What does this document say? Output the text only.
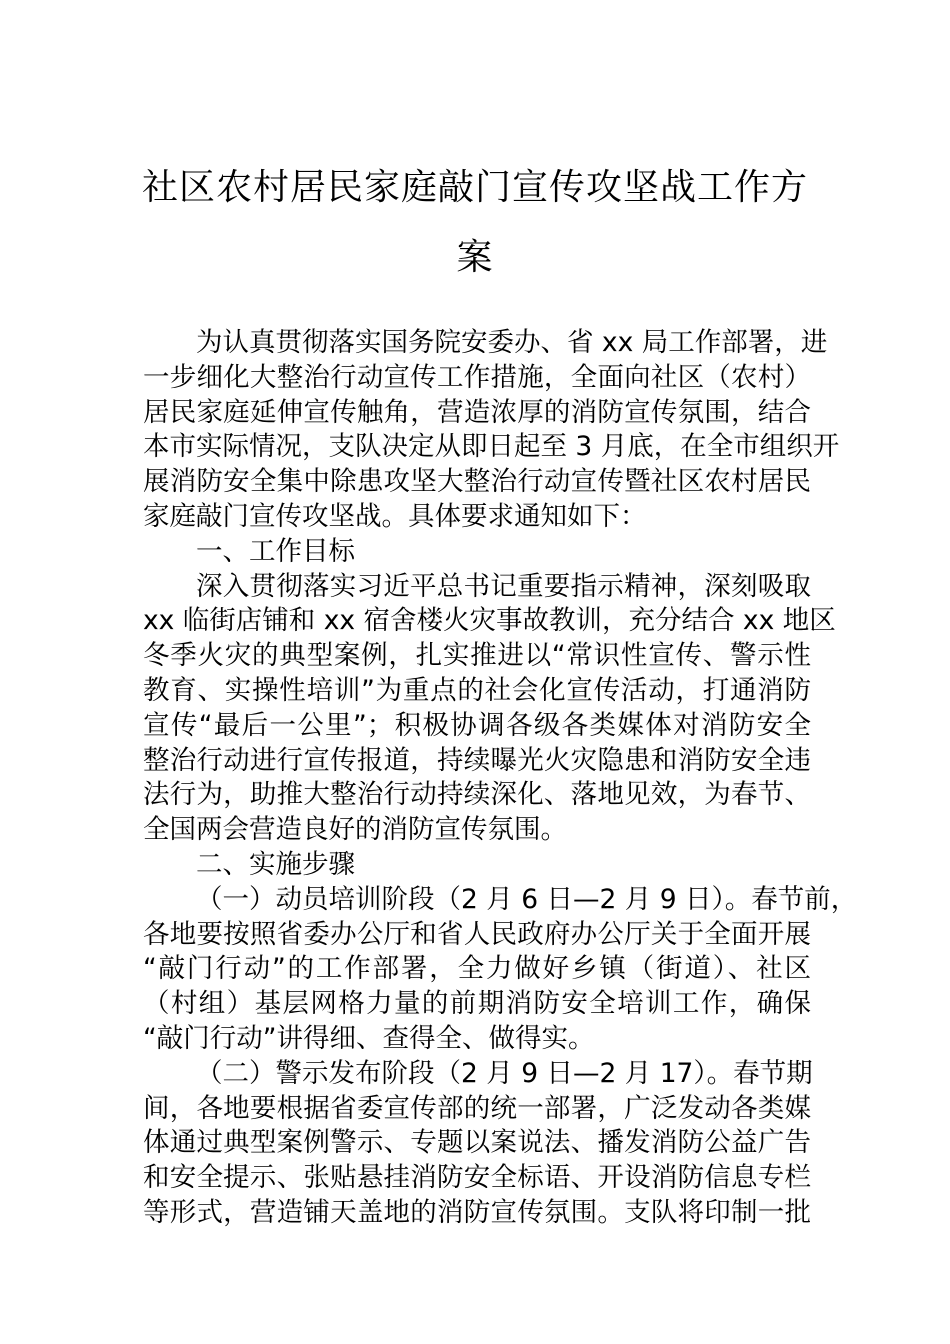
社区农村居民家庭敲门宣传攻坚战工作方
案
为认真贯彻落实国务院安委办、省 xx 局工作部署，进
一步细化大整治行动宣传工作措施，全面向社区（农村）
居民家庭延伸宣传触角，营造浓厚的消防宣传氛围，结合
本市实际情况，支队决定从即日起至 3 月底，在全市组织开
展消防安全集中除患攻坚大整治行动宣传暨社区农村居民
家庭敲门宣传攻坚战。具体要求通知如下：
一、工作目标
深入贯彻落实习近平总书记重要指示精神，深刻吸取
xx 临街店铺和 xx 宿舍楼火灾事故教训，充分结合 xx 地区
冬季火灾的典型案例，扎实推进以“常识性宣传、警示性
教育、实操性培训”为重点的社会化宣传活动，打通消防
宣传“最后一公里”；积极协调各级各类媒体对消防安全
整治行动进行宣传报道，持续曝光火灾隐患和消防安全违
法行为，助推大整治行动持续深化、落地见效，为春节、
全国两会营造良好的消防宣传氛围。
二、实施步骤
（一）动员培训阶段（2 月 6 日—2 月 9 日）。春节前，
各地要按照省委办公厅和省人民政府办公厅关于全面开展
“敲门行动”的工作部署，全力做好乡镇（街道）、社区
（村组）基层网格力量的前期消防安全培训工作，确保
“敲门行动”讲得细、查得全、做得实。
（二）警示发布阶段（2 月 9 日—2 月 17）。春节期
间，各地要根据省委宣传部的统一部署，广泛发动各类媒
体通过典型案例警示、专题以案说法、播发消防公益广告
和安全提示、张贴悬挂消防安全标语、开设消防信息专栏
等形式，营造铺天盖地的消防宣传氛围。支队将印制一批
